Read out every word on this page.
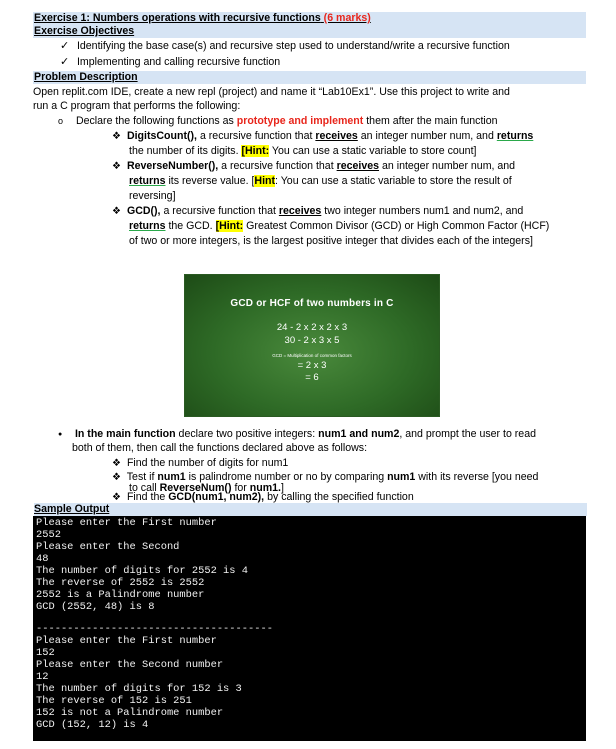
Exercise 1: Numbers operations with recursive functions (6 marks)
Exercise Objectives
✓ Identifying the base case(s) and recursive step used to understand/write a recursive function
✓ Implementing and calling recursive function
Problem Description
Open replit.com IDE, create a new repl (project) and name it “Lab10Ex1”. Use this project to write and
run a C program that performs the following:
o Declare the following functions as prototype and implement them after the main function
❖ DigitsCount(), a recursive function that receives an integer number num, and returns
the number of its digits. [Hint: You can use a static variable to store count]
❖ ReverseNumber(), a recursive function that receives an integer number num, and
returns its reverse value. [Hint: You can use a static variable to store the result of
reversing]
❖ GCD(), a recursive function that receives two integer numbers num1 and num2, and
returns the GCD. [Hint: Greatest Common Divisor (GCD) or High Common Factor (HCF)
of two or more integers, is the largest positive integer that divides each of the integers]
GCD or HCF of two numbers in C
24 - 2 x 2 x 2 x 3
30 - 2 x 3 x 5
GCD = Multiplication of common factors
= 2 x 3
= 6
● In the main function declare two positive integers: num1 and num2, and prompt the user to read
both of them, then call the functions declared above as follows:
❖ Find the number of digits for num1
❖ Test if num1 is palindrome number or no by comparing num1 with its reverse [you need
to call ReverseNum() for num1.]
Sample Output
Please enter the First number
2552
Please enter the Second
48
The number of digits for 2552 is 4
The reverse of 2552 is 2552
2552 is a Palindrome number
GCD (2552, 48) is 8
--------------------------------------
Please enter the First number
152
Please enter the Second number
12
The number of digits for 152 is 3
The reverse of 152 is 251
152 is not a Palindrome number
GCD (152, 12) is 4
❖ Find the GCD(num1, num2), by calling the specified function
